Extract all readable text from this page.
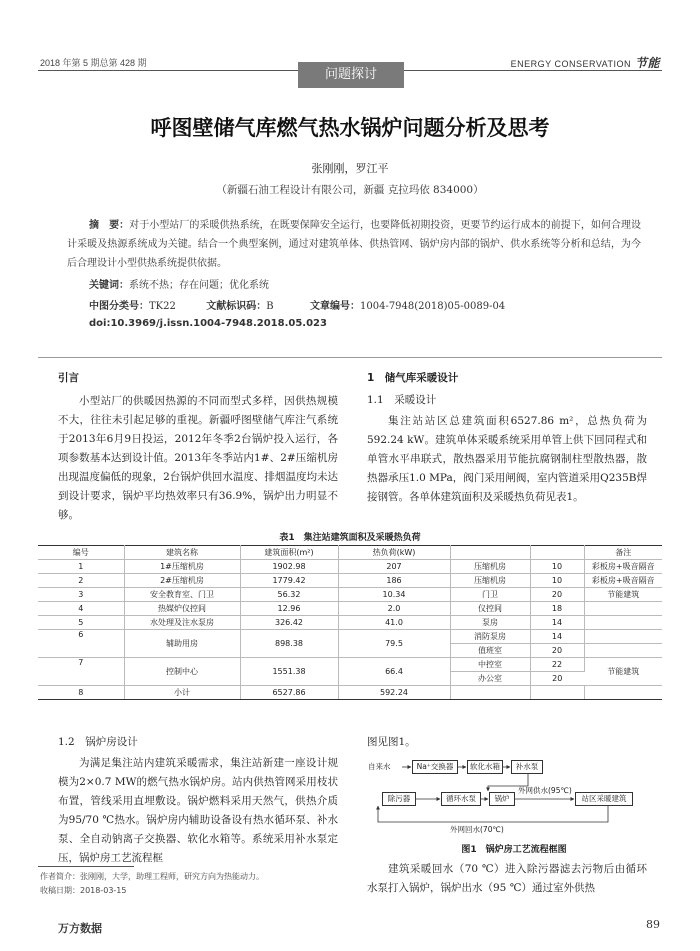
2018 年第 5 期总第 428 期	ENERGY CONSERVATION 节能
问题探讨
呼图壁储气库燃气热水锅炉问题分析及思考
张刚刚，罗江平
（新疆石油工程设计有限公司，新疆 克拉玛依 834000）
摘　要：对于小型站厂的采暖供热系统，在既要保障安全运行，也要降低初期投资，更要节约运行成本的前提下，如何合理设计采暖及热源系统成为关键。结合一个典型案例，通过对建筑单体、供热管网、锅炉房内部的锅炉、供水系统等分析和总结，为今后合理设计小型供热系统提供依据。
关键词：系统不热；存在问题；优化系统
中图分类号：TK22	文献标识码：B	文章编号：1004-7948(2018)05-0089-04
doi:10.3969/j.issn.1004-7948.2018.05.023
引言
小型站厂的供暖因热源的不同而型式多样，因供热规模不大，往往未引起足够的重视。新疆呼图壁储气库注气系统于2013年6月9日投运，2012年冬季2台锅炉投入运行，各项参数基本达到设计值。2013年冬季站内1#、2#压缩机房出现温度偏低的现象，2台锅炉供回水温度、排烟温度均未达到设计要求，锅炉平均热效率只有36.9%，锅炉出力明显不够。
1　储气库采暖设计
1.1　采暖设计
集注站站区总建筑面积6527.86 m²，总热负荷为592.24 kW。建筑单体采暖系统采用单管上供下回同程式和单管水平串联式，散热器采用节能抗腐钢制柱型散热器，散热器承压1.0 MPa，阀门采用闸阀，室内管道采用Q235B焊接钢管。各单体建筑面积及采暖热负荷见表1。
表1　集注站建筑面积及采暖热负荷
编号	建筑名称	建筑面积(m²)	热负荷(kW)			备注
1	1#压缩机房	1902.98	207	压缩机房	10	彩板房+吸音隔音
2	2#压缩机房	1779.42	186	压缩机房	10	彩板房+吸音隔音
3	安全教育室、门卫	56.32	10.34	门卫	20	节能建筑
4	热媒炉仪控间	12.96	2.0	仪控间	18	
5	水处理及注水泵房	326.42	41.0	泵房	14	
6	辅助用房	898.38	79.5	消防泵房	14	
				值班室	20	
7	控制中心	1551.38	66.4	中控室	22	节能建筑
				办公室	20	
8	小计	6527.86	592.24			
1.2　锅炉房设计
为满足集注站内建筑采暖需求，集注站新建一座设计规模为2×0.7 MW的燃气热水锅炉房。站内供热管网采用枝状布置，管线采用直埋敷设。锅炉燃料采用天然气，供热介质为95/70 ℃热水。锅炉房内辅助设备设有热水循环泵、补水泵、全自动钠离子交换器、软化水箱等。系统采用补水泵定压，锅炉房工艺流程框
图见图1。
自来水	Na⁺交换器	软化水箱	补水泵
除污器	循环水泵	锅炉
外网供水(95℃)
站区采暖建筑
外网回水(70℃)
图1　锅炉房工艺流程框图
建筑采暖回水（70 ℃）进入除污器滤去污物后由循环水泵打入锅炉，锅炉出水（95 ℃）通过室外供热
作者简介：张刚刚，大学，助理工程师，研究方向为热能动力。
收稿日期：2018-03-15
万方数据	89
